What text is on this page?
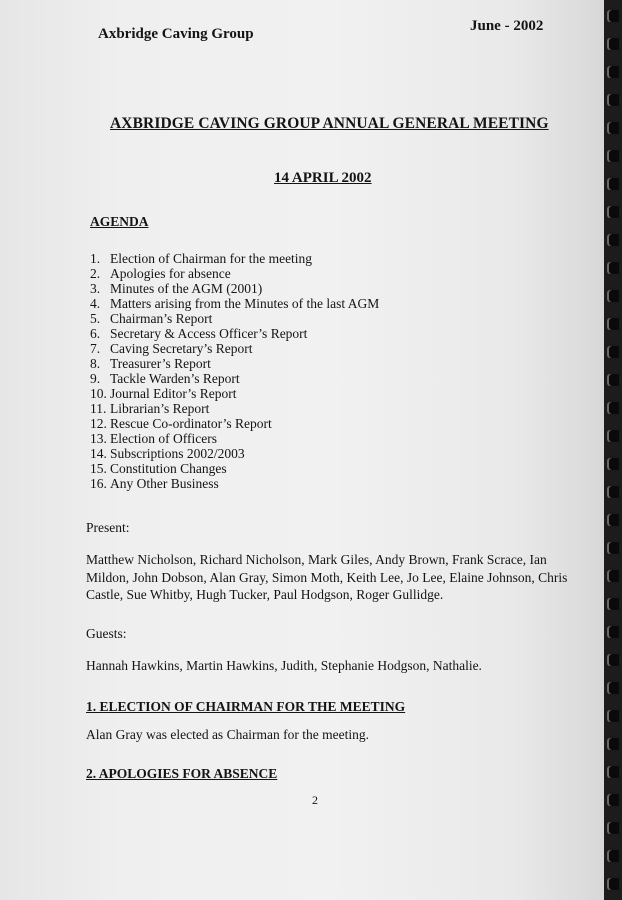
Axbridge Caving Group	June - 2002
AXBRIDGE CAVING GROUP ANNUAL GENERAL MEETING
14 APRIL 2002
AGENDA
1. Election of Chairman for the meeting
2. Apologies for absence
3. Minutes of the AGM (2001)
4. Matters arising from the Minutes of the last AGM
5. Chairman’s Report
6. Secretary & Access Officer’s Report
7. Caving Secretary’s Report
8. Treasurer’s Report
9. Tackle Warden’s Report
10. Journal Editor’s Report
11. Librarian’s Report
12. Rescue Co-ordinator’s Report
13. Election of Officers
14. Subscriptions 2002/2003
15. Constitution Changes
16. Any Other Business
Present:
Matthew Nicholson, Richard Nicholson, Mark Giles, Andy Brown, Frank Scrace, Ian Mildon, John Dobson, Alan Gray, Simon Moth, Keith Lee, Jo Lee, Elaine Johnson, Chris Castle, Sue Whitby, Hugh Tucker, Paul Hodgson, Roger Gullidge.
Guests:
Hannah Hawkins, Martin Hawkins, Judith, Stephanie Hodgson, Nathalie.
1. ELECTION OF CHAIRMAN FOR THE MEETING
Alan Gray was elected as Chairman for the meeting.
2. APOLOGIES FOR ABSENCE
2
